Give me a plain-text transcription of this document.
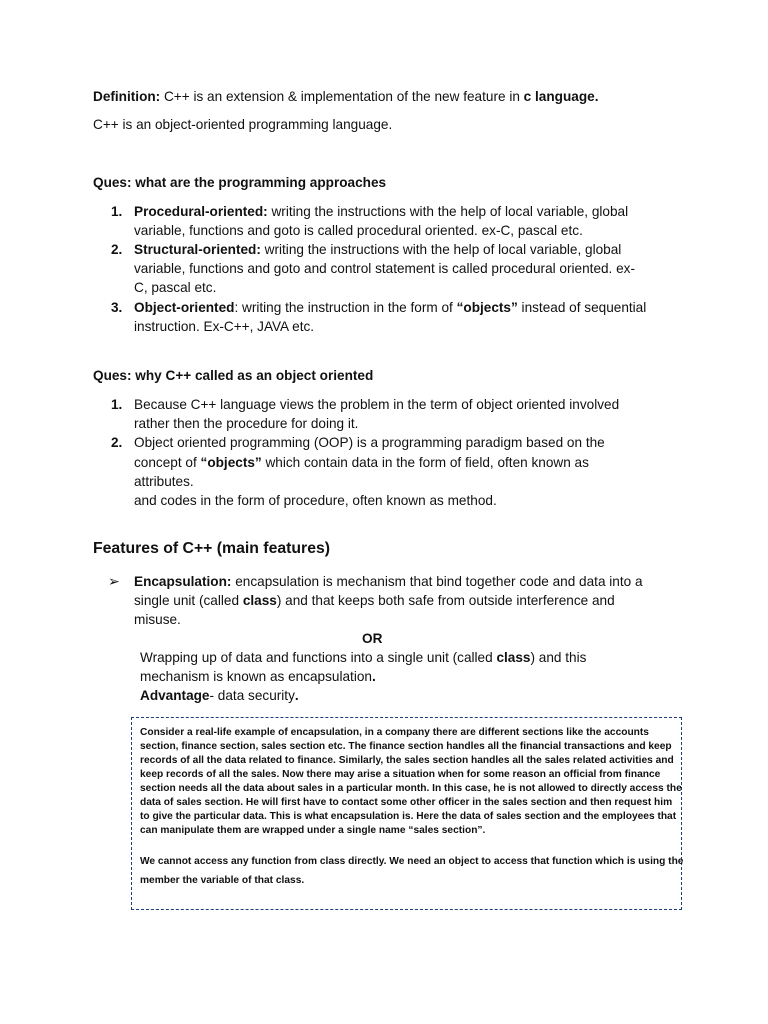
Definition: C++ is an extension & implementation of the new feature in c language.
C++ is an object-oriented programming language.
Ques: what are the programming approaches
1. Procedural-oriented: writing the instructions with the help of local variable, global
variable, functions and goto is called procedural oriented. ex-C, pascal etc.
2. Structural-oriented: writing the instructions with the help of local variable, global
variable, functions and goto and control statement is called procedural oriented. ex-
C, pascal etc.
3. Object-oriented: writing the instruction in the form of “objects” instead of sequential
instruction. Ex-C++, JAVA etc.
Ques: why C++ called as an object oriented
1. Because C++ language views the problem in the term of object oriented involved
rather then the procedure for doing it.
2. Object oriented programming (OOP) is a programming paradigm based on the
concept of “objects” which contain data in the form of field, often known as
attributes.
and codes in the form of procedure, often known as method.
Features of C++ (main features)
➢ Encapsulation: encapsulation is mechanism that bind together code and data into a
single unit (called class) and that keeps both safe from outside interference and
misuse.
OR
Wrapping up of data and functions into a single unit (called class) and this
mechanism is known as encapsulation.
Advantage- data security.
Consider a real-life example of encapsulation, in a company there are different sections like the accounts
section, finance section, sales section etc. The finance section handles all the financial transactions and keep
records of all the data related to finance. Similarly, the sales section handles all the sales related activities and
keep records of all the sales. Now there may arise a situation when for some reason an official from finance
section needs all the data about sales in a particular month. In this case, he is not allowed to directly access the
data of sales section. He will first have to contact some other officer in the sales section and then request him
to give the particular data. This is what encapsulation is. Here the data of sales section and the employees that
can manipulate them are wrapped under a single name “sales section”.
We cannot access any function from class directly. We need an object to access that function which is using the
member the variable of that class.
